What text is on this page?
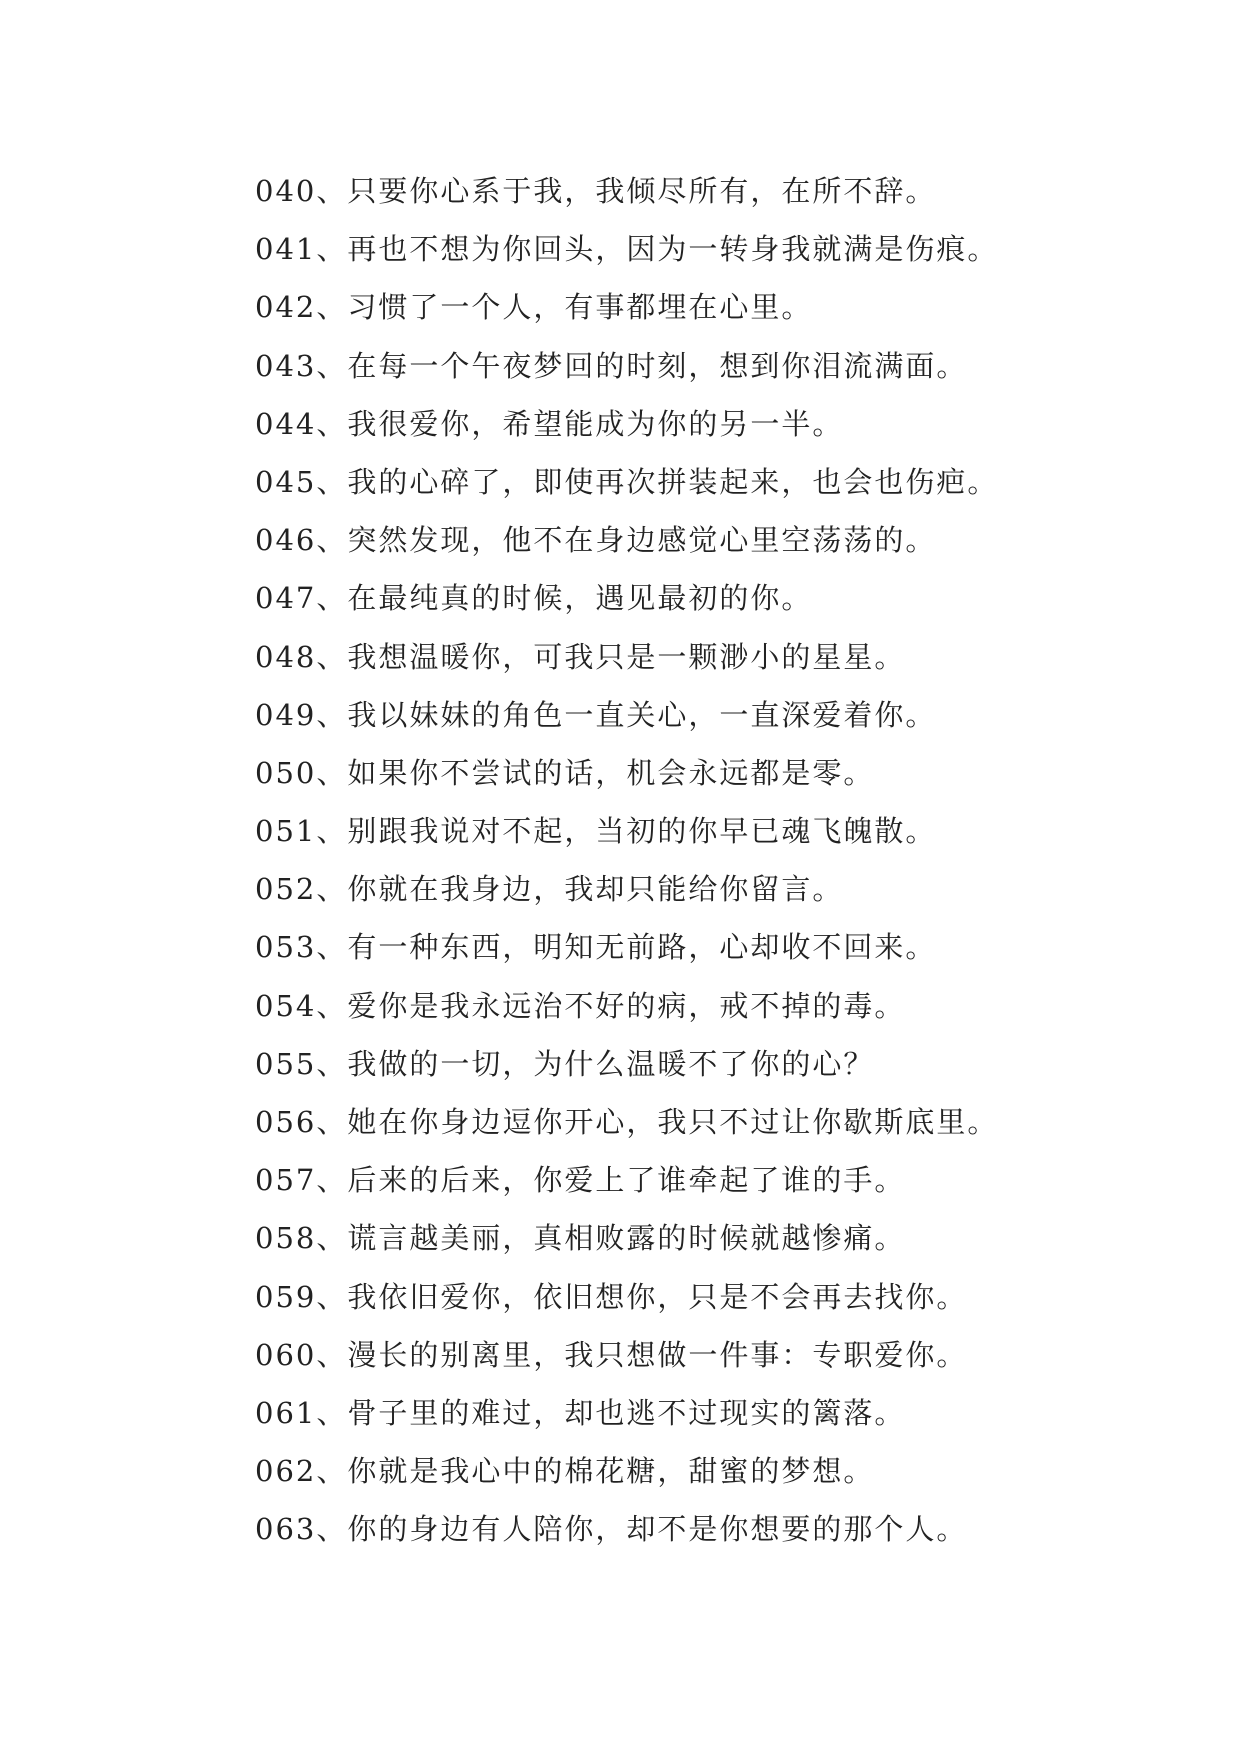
040、只要你心系于我，我倾尽所有，在所不辞。
041、再也不想为你回头，因为一转身我就满是伤痕。
042、习惯了一个人，有事都埋在心里。
043、在每一个午夜梦回的时刻，想到你泪流满面。
044、我很爱你，希望能成为你的另一半。
045、我的心碎了，即使再次拼装起来，也会也伤疤。
046、突然发现，他不在身边感觉心里空荡荡的。
047、在最纯真的时候，遇见最初的你。
048、我想温暖你，可我只是一颗渺小的星星。
049、我以妹妹的角色一直关心，一直深爱着你。
050、如果你不尝试的话，机会永远都是零。
051、别跟我说对不起，当初的你早已魂飞魄散。
052、你就在我身边，我却只能给你留言。
053、有一种东西，明知无前路，心却收不回来。
054、爱你是我永远治不好的病，戒不掉的毒。
055、我做的一切，为什么温暖不了你的心？
056、她在你身边逗你开心，我只不过让你歇斯底里。
057、后来的后来，你爱上了谁牵起了谁的手。
058、谎言越美丽，真相败露的时候就越惨痛。
059、我依旧爱你，依旧想你，只是不会再去找你。
060、漫长的别离里，我只想做一件事：专职爱你。
061、骨子里的难过，却也逃不过现实的篱落。
062、你就是我心中的棉花糖，甜蜜的梦想。
063、你的身边有人陪你，却不是你想要的那个人。
